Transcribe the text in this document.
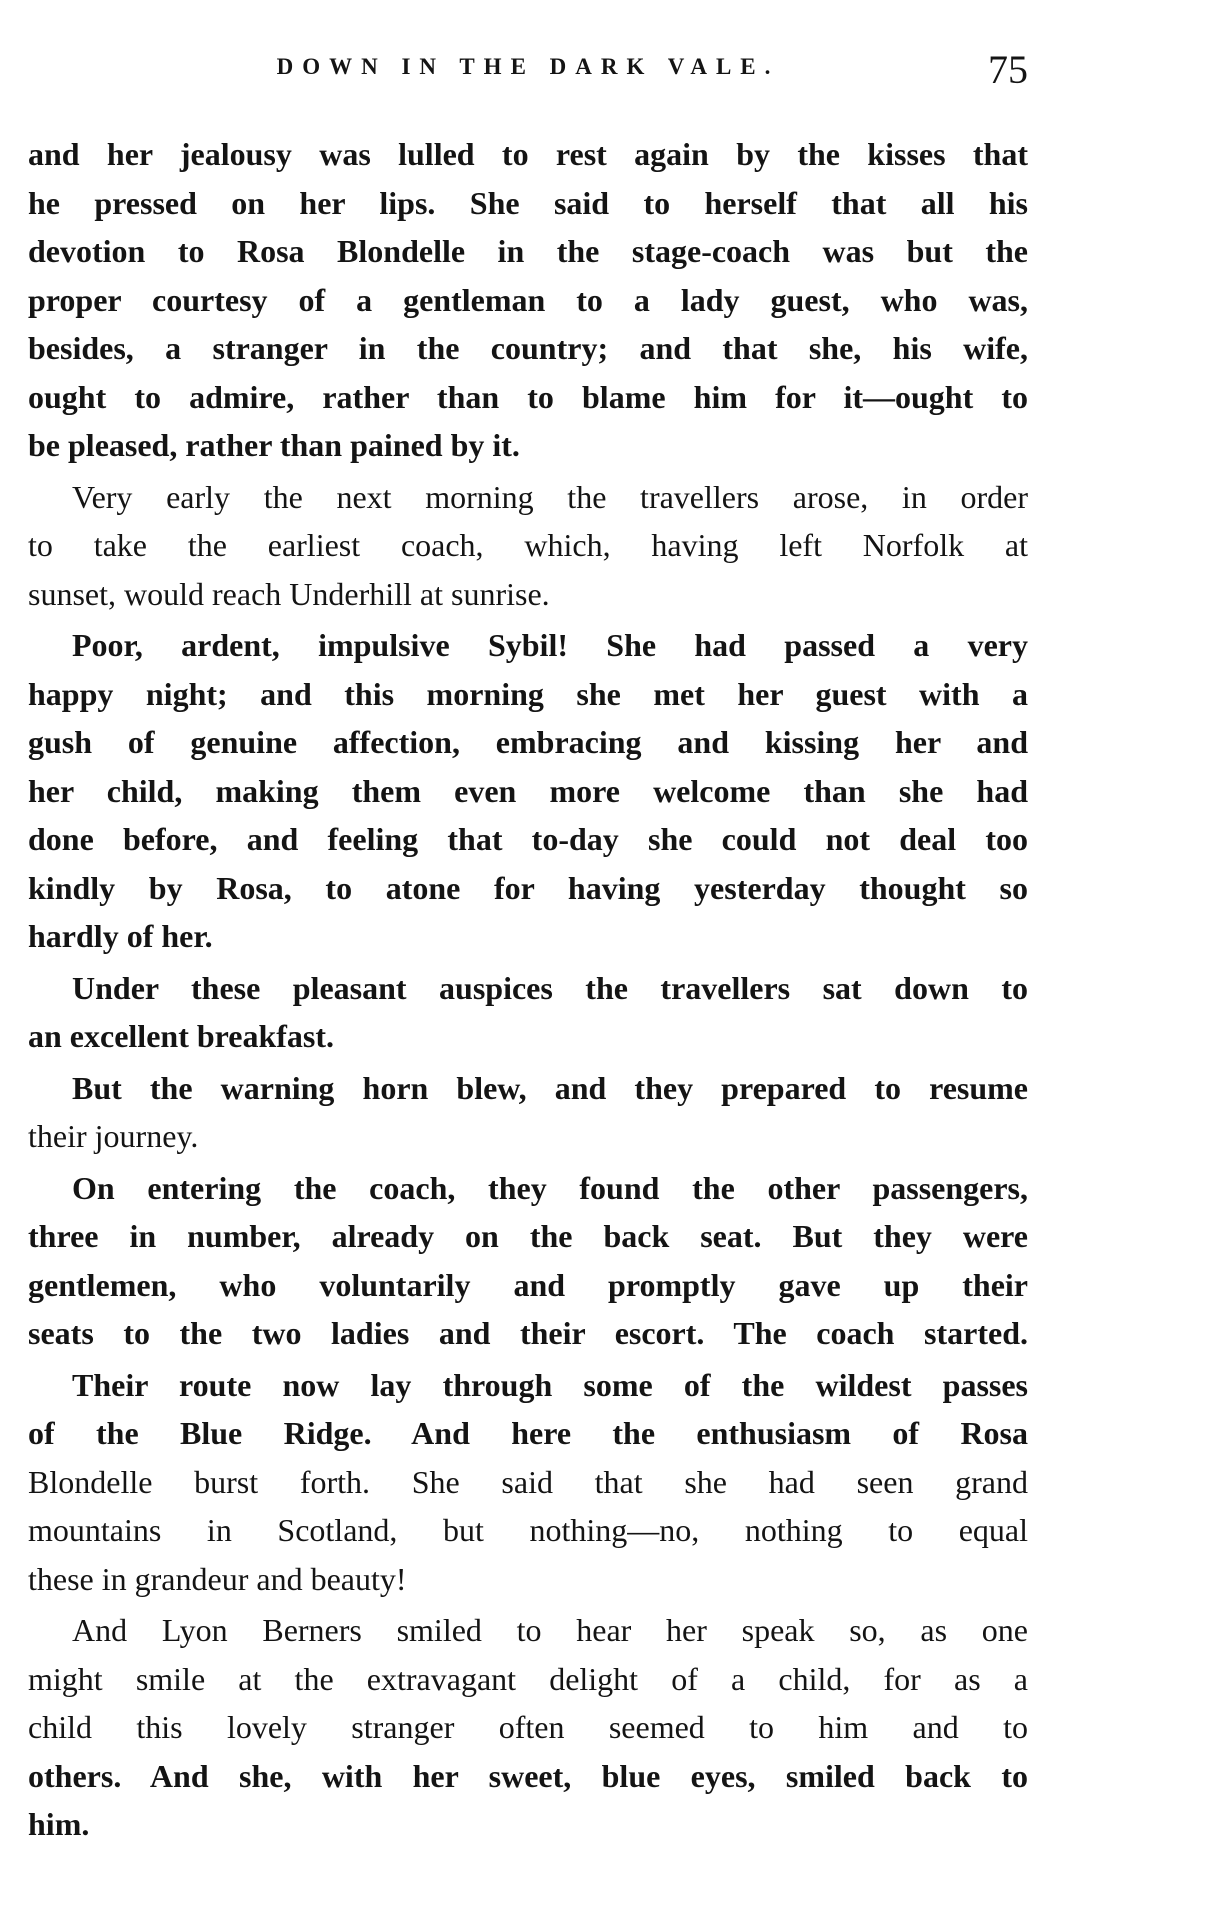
DOWN IN THE DARK VALE.	75

and her jealousy was lulled to rest again by the kisses that
he pressed on her lips. She said to herself that all his
devotion to Rosa Blondelle in the stage-coach was but the
proper courtesy of a gentleman to a lady guest, who was,
besides, a stranger in the country; and that she, his wife,
ought to admire, rather than to blame him for it—ought to
be pleased, rather than pained by it.

Very early the next morning the travellers arose, in order
to take the earliest coach, which, having left Norfolk at
sunset, would reach Underhill at sunrise.

Poor, ardent, impulsive Sybil! She had passed a very
happy night; and this morning she met her guest with a
gush of genuine affection, embracing and kissing her and
her child, making them even more welcome than she had
done before, and feeling that to-day she could not deal too
kindly by Rosa, to atone for having yesterday thought so
hardly of her.

Under these pleasant auspices the travellers sat down to
an excellent breakfast.

But the warning horn blew, and they prepared to resume
their journey.

On entering the coach, they found the other passengers,
three in number, already on the back seat. But they were
gentlemen, who voluntarily and promptly gave up their
seats to the two ladies and their escort. The coach started.

Their route now lay through some of the wildest passes
of the Blue Ridge. And here the enthusiasm of Rosa
Blondelle burst forth. She said that she had seen grand
mountains in Scotland, but nothing—no, nothing to equal
these in grandeur and beauty!

And Lyon Berners smiled to hear her speak so, as one
might smile at the extravagant delight of a child, for as a
child this lovely stranger often seemed to him and to
others. And she, with her sweet, blue eyes, smiled back to
him.
